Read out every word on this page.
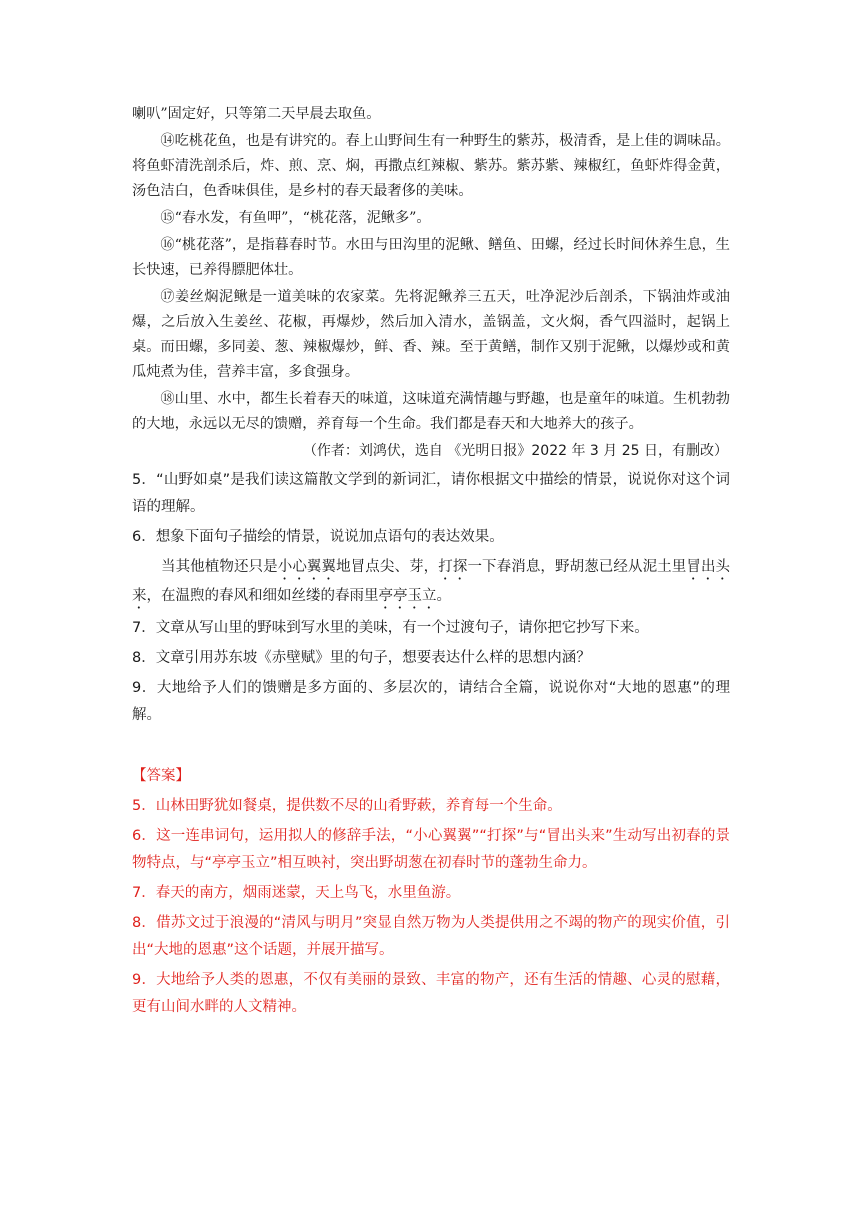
喇叭”固定好，只等第二天早晨去取鱼。

⑭吃桃花鱼，也是有讲究的。春上山野间生有一种野生的紫苏，极清香，是上佳的调味品。将鱼虾清洗剖杀后，炸、煎、烹、焖，再撒点红辣椒、紫苏。紫苏紫、辣椒红，鱼虾炸得金黄，汤色洁白，色香味俱佳，是乡村的春天最奢侈的美味。

⑮“春水发，有鱼呷”，“桃花落，泥鳅多”。

⑯“桃花落”，是指暮春时节。水田与田沟里的泥鳅、鳝鱼、田螺，经过长时间休养生息，生长快速，已养得膘肥体壮。

⑰姜丝焖泥鳅是一道美味的农家菜。先将泥鳅养三五天，吐净泥沙后剖杀，下锅油炸或油爆，之后放入生姜丝、花椒，再爆炒，然后加入清水，盖锅盖，文火焖，香气四溢时，起锅上桌。而田螺，多同姜、葱、辣椒爆炒，鲜、香、辣。至于黄鳝，制作又别于泥鳅，以爆炒或和黄瓜炖煮为佳，营养丰富，多食强身。

⑱山里、水中，都生长着春天的味道，这味道充满情趣与野趣，也是童年的味道。生机勃勃的大地，永远以无尽的馈赠，养育每一个生命。我们都是春天和大地养大的孩子。

（作者：刘鸿伏，选自 《光明日报》2022 年 3 月 25 日，有删改）

5．“山野如桌”是我们读这篇散文学到的新词汇，请你根据文中描绘的情景，说说你对这个词语的理解。

6．想象下面句子描绘的情景，说说加点语句的表达效果。

当其他植物还只是小心翼翼地冒点尖、芽，打探一下春消息，野胡葱已经从泥土里冒出头来，在温煦的春风和细如丝缕的春雨里亭亭玉立。

7．文章从写山里的野味到写水里的美味，有一个过渡句子，请你把它抄写下来。

8．文章引用苏东坡《赤壁赋》里的句子，想要表达什么样的思想内涵？

9．大地给予人们的馈赠是多方面的、多层次的，请结合全篇，说说你对“大地的恩惠”的理解。

【答案】

5．山林田野犹如餐桌，提供数不尽的山肴野蔌，养育每一个生命。

6．这一连串词句，运用拟人的修辞手法，“小心翼翼”“打探”与“冒出头来”生动写出初春的景物特点，与“亭亭玉立”相互映衬，突出野胡葱在初春时节的蓬勃生命力。

7．春天的南方，烟雨迷蒙，天上鸟飞，水里鱼游。

8．借苏文过于浪漫的“清风与明月”突显自然万物为人类提供用之不竭的物产的现实价值，引出“大地的恩惠”这个话题，并展开描写。

9．大地给予人类的恩惠，不仅有美丽的景致、丰富的物产，还有生活的情趣、心灵的慰藉，更有山间水畔的人文精神。
